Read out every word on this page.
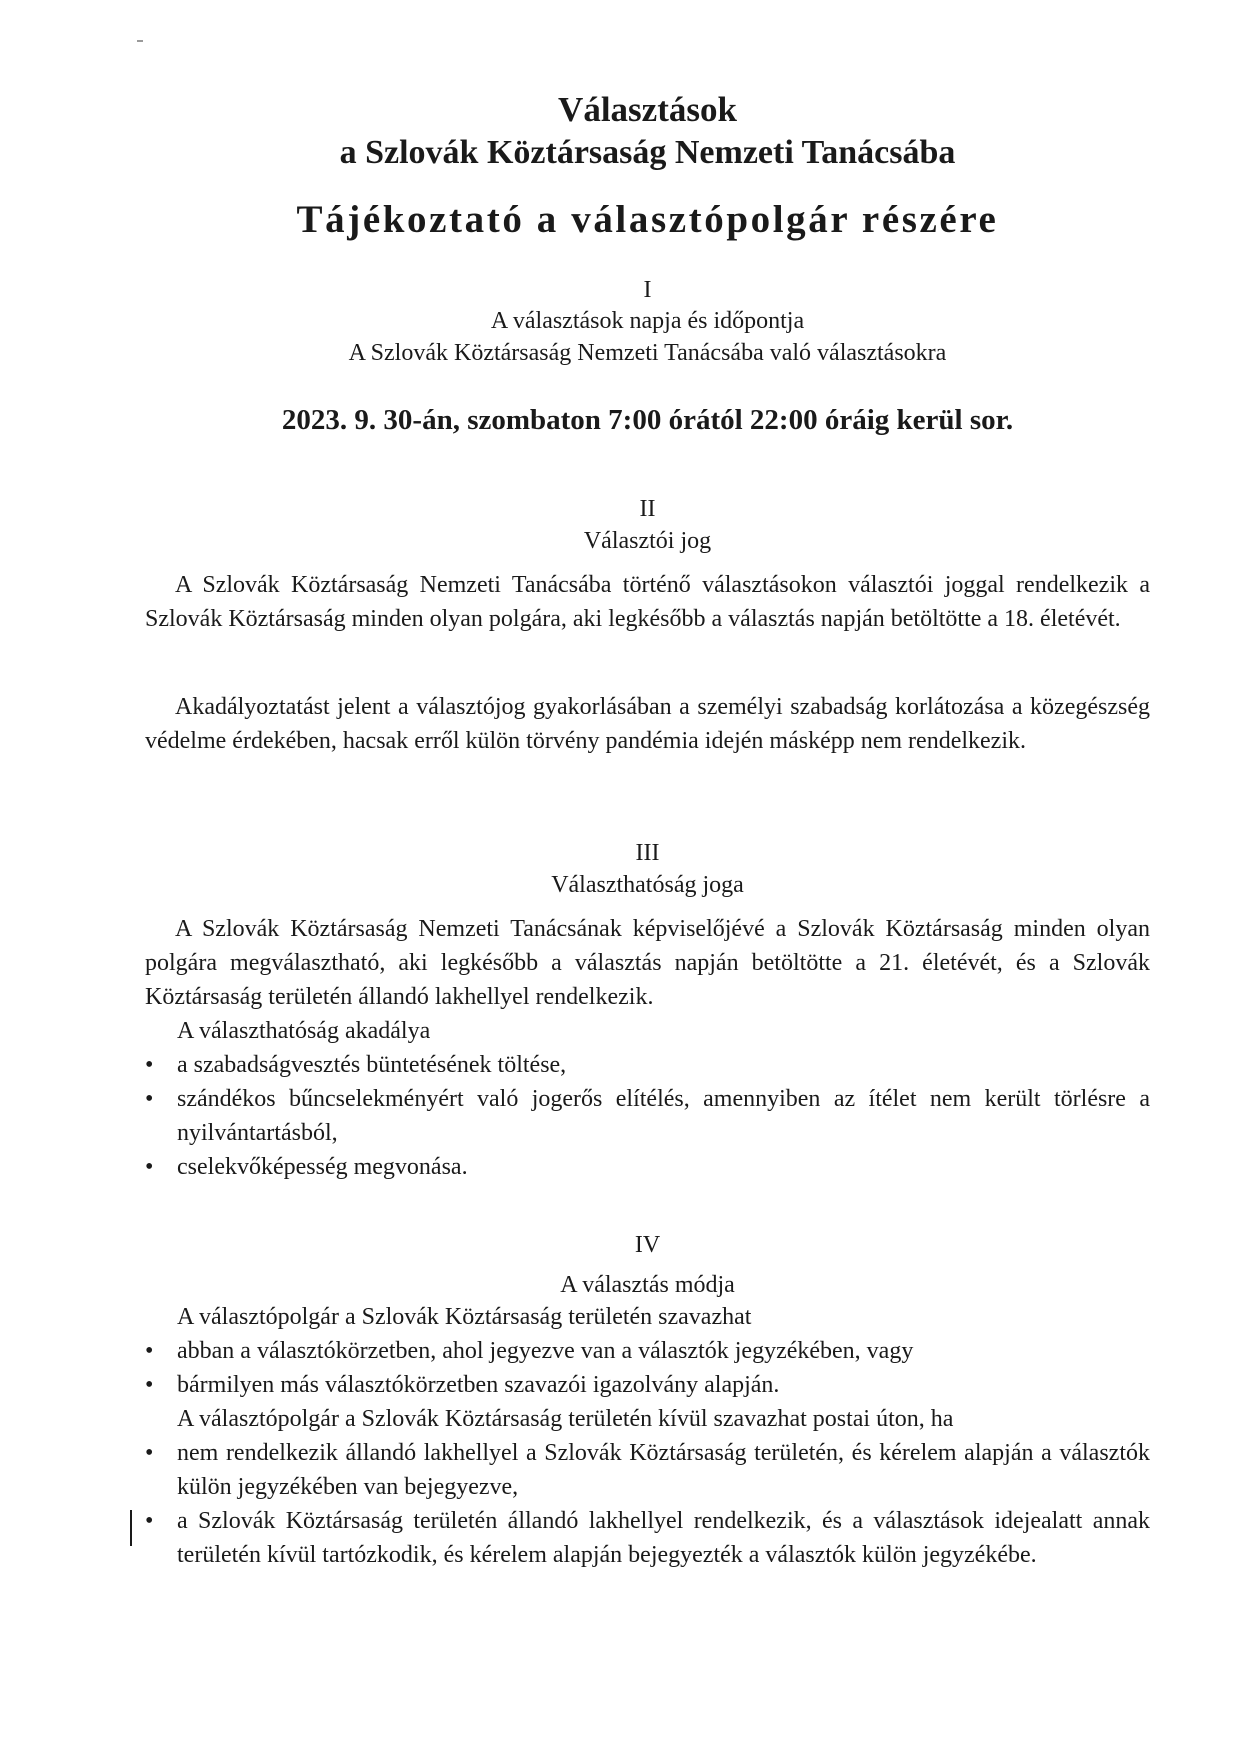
Választások
a Szlovák Köztársaság Nemzeti Tanácsába
Tájékoztató a választópolgár részére
I
A választások napja és időpontja
A Szlovák Köztársaság Nemzeti Tanácsába való választásokra
2023. 9. 30-án, szombaton 7:00 órától 22:00 óráig kerül sor.
II
Választói jog

A Szlovák Köztársaság Nemzeti Tanácsába történő választásokon választói joggal rendelkezik a Szlovák Köztársaság minden olyan polgára, aki legkésőbb a választás napján betöltötte a 18. életévét.

Akadályoztatást jelent a választójog gyakorlásában a személyi szabadság korlátozása a közegészség védelme érdekében, hacsak erről külön törvény pandémia idején másképp nem rendelkezik.

III
Választhatóság joga

A Szlovák Köztársaság Nemzeti Tanácsának képviselőjévé a Szlovák Köztársaság minden olyan polgára megválasztható, aki legkésőbb a választás napján betöltötte a 21. életévét, és a Szlovák Köztársaság területén állandó lakhellyel rendelkezik.

A választhatóság akadálya
• a szabadságvesztés büntetésének töltése,
• szándékos bűncselekményért való jogerős elítélés, amennyiben az ítélet nem került törlésre a nyilvántartásból,
• cselekvőképesség megvonása.
IV
A választás módja
A választópolgár a Szlovák Köztársaság területén szavazhat
• abban a választókörzetben, ahol jegyezve van a választók jegyzékében, vagy
• bármilyen más választókörzetben szavazói igazolvány alapján.
A választópolgár a Szlovák Köztársaság területén kívül szavazhat postai úton, ha
• nem rendelkezik állandó lakhellyel a Szlovák Köztársaság területén, és kérelem alapján a választók külön jegyzékében van bejegyezve,
• a Szlovák Köztársaság területén állandó lakhellyel rendelkezik, és a választások idejealatt annak területén kívül tartózkodik, és kérelem alapján bejegyezték a választók külön jegyzékébe.
